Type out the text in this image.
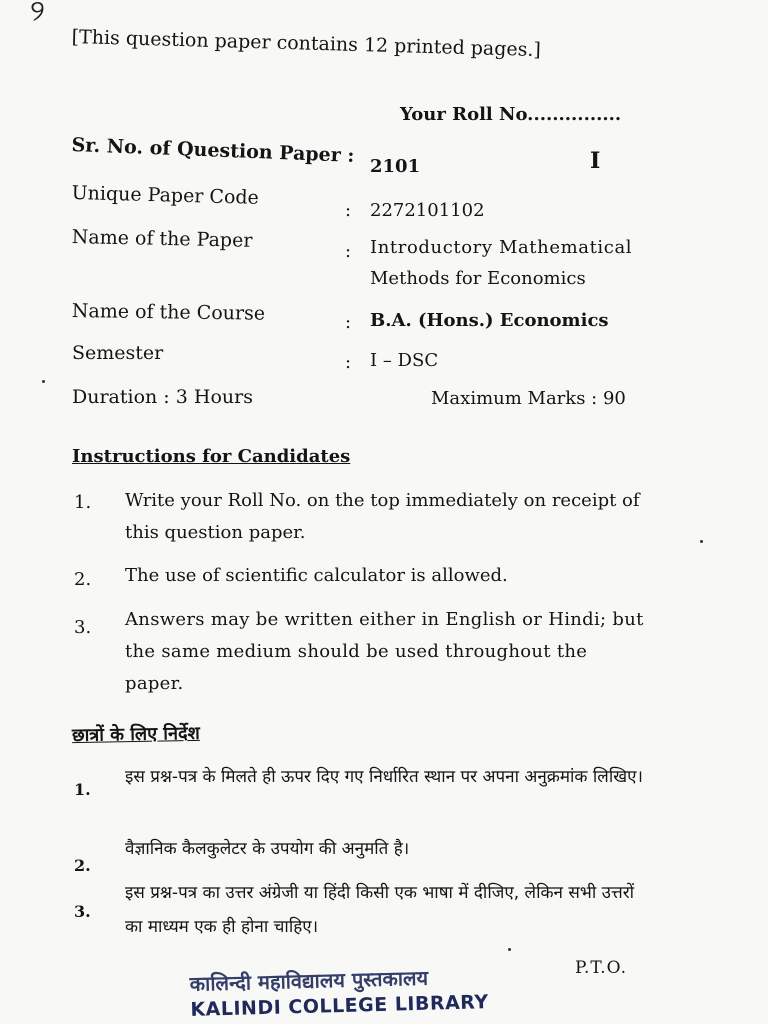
୨
[This question paper contains 12 printed pages.]
Your Roll No...............
Sr. No. of Question Paper : 2101	I
Unique Paper Code
: 2272101102
Name of the Paper	: Introductory Mathematical
Methods for Economics
Name of the Course	: B.A. (Hons.) Economics
Semester	: I – DSC
Duration : 3 Hours	Maximum Marks : 90
Instructions for Candidates
1. Write your Roll No. on the top immediately on receipt of this question paper.
2. The use of scientific calculator is allowed.
3. Answers may be written either in English or Hindi; but the same medium should be used throughout the paper.
छात्रों के लिए निर्देश
1.
इस प्रश्न-पत्र के मिलते ही ऊपर दिए गए निर्धारित स्थान पर अपना अनुक्रमांक लिखिए।
2.
वैज्ञानिक कैलकुलेटर के उपयोग की अनुमति है।
3.
इस प्रश्न-पत्र का उत्तर अंग्रेजी या हिंदी किसी एक भाषा में दीजिए, लेकिन सभी उत्तरों का माध्यम एक ही होना चाहिए।
P.T.O.
कालिन्दी महाविद्यालय पुस्तकालय
KALINDI COLLEGE LIBRARY
